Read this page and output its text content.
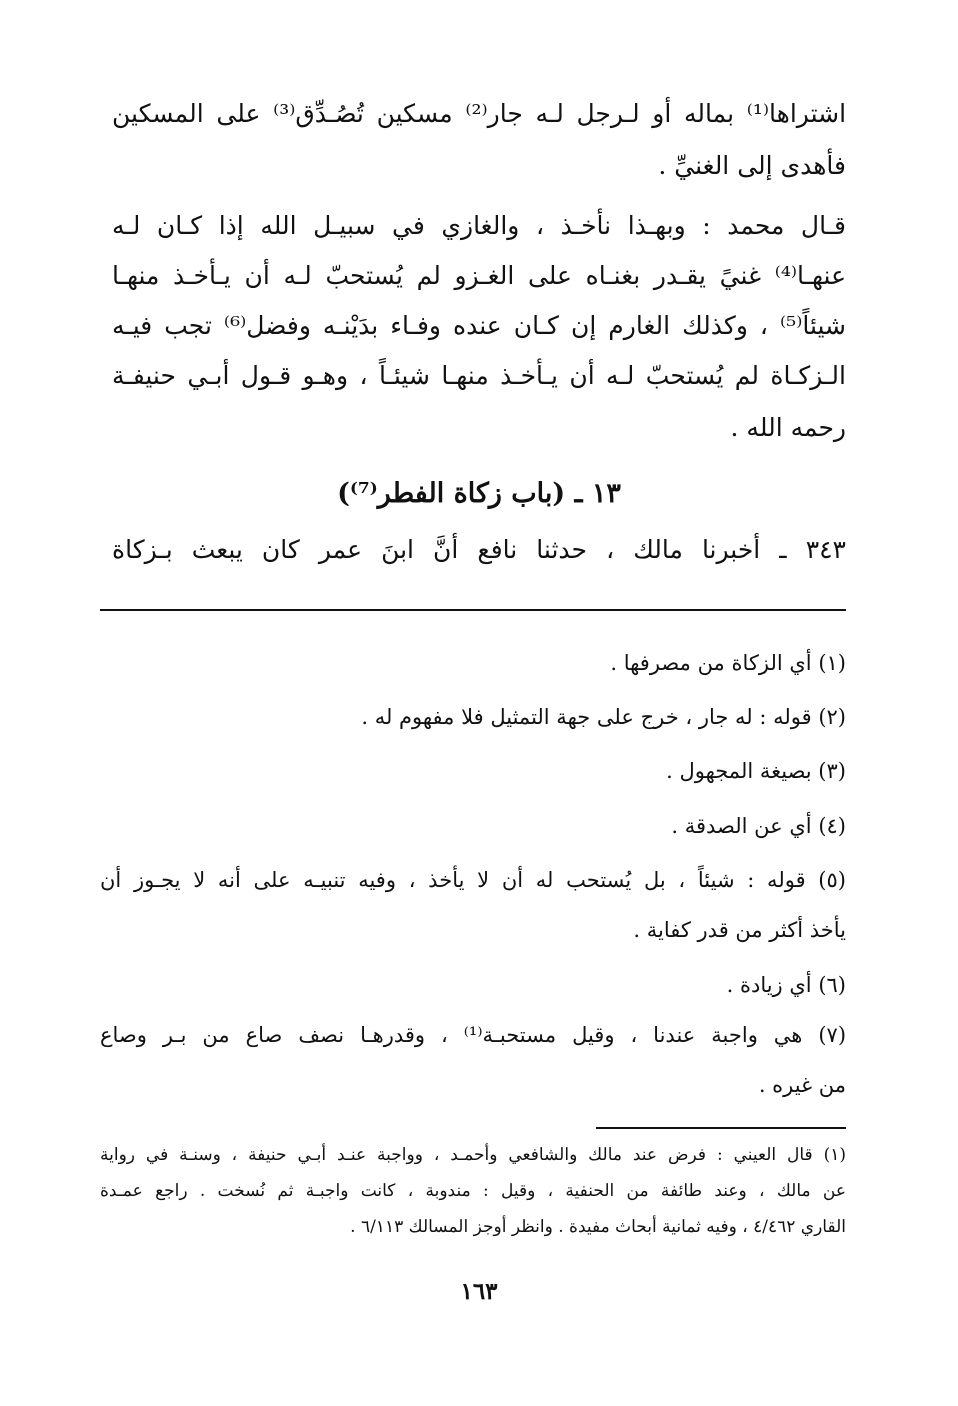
اشتراها⁽¹⁾ بماله أو لـرجل لـه جار⁽²⁾ مسكين تُصُـدِّق⁽³⁾ على المسكين

فأهدى إلى الغنيِّ .

قـال محمد : وبهـذا نأخـذ ، والغازي في سبيـل الله إذا كـان لـه

عنهـا⁽⁴⁾ غنيً يقـدر بغنـاه على الغـزو لم يُستحبّ لـه أن يـأخـذ منهـا

شيئاً⁽⁵⁾ ، وكذلك الغارم إن كـان عنده وفـاء بدَيْنـه وفضل⁽⁶⁾ تجب فيـه

الـزكـاة لم يُستحبّ لـه أن يـأخـذ منهـا شيئـاً ، وهـو قـول أبـي حنيفـة

رحمه الله .

١٣ ـ (باب زكاة الفطر⁽⁷⁾)

٣٤٣ ـ أخبرنا مالك ، حدثنا نافع أنَّ ابنَ عمر كان يبعث بـزكاة

(١) أي الزكاة من مصرفها .

(٢) قوله : له جار ، خرج على جهة التمثيل فلا مفهوم له .

(٣) بصيغة المجهول .

(٤) أي عن الصدقة .

(٥) قوله : شيئاً ، بل يُستحب له أن لا يأخذ ، وفيه تنبيـه على أنه لا يجـوز أن

يأخذ أكثر من قدر كفاية .

(٦) أي زيادة .

(٧) هي واجبة عندنا ، وقيل مستحبـة⁽¹⁾ ، وقدرهـا نصف صاع من بـر وصاع

من غيره .

(١) قال العيني : فرض عند مالك والشافعي وأحمـد ، وواجبة عنـد أبـي حنيفة ، وسنـة في رواية

عن مالك ، وعند طائفة من الحنفية ، وقيل : مندوبة ، كانت واجبـة ثم نُسخت . راجع عمـدة

القاري ٤/٤٦٢ ، وفيه ثمانية أبحاث مفيدة . وانظر أوجز المسالك ٦/١١٣ .

١٦٣
